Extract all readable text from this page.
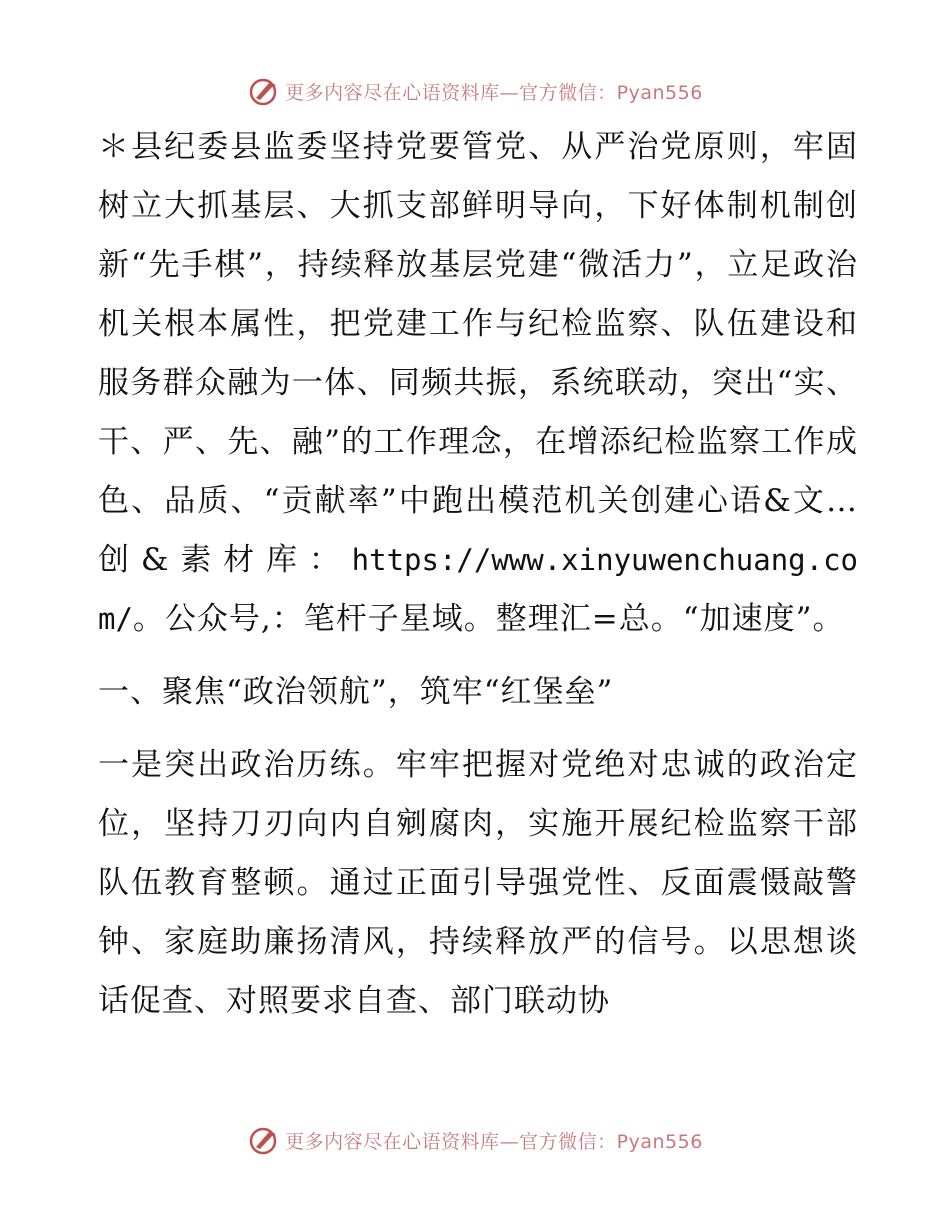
更多内容尽在心语资料库—官方微信：Pyan556

＊县纪委县监委坚持党要管党、从严治党原则，牢固树立大抓基层、大抓支部鲜明导向，下好体制机制创新“先手棋”，持续释放基层党建“微活力”，立足政治机关根本属性，把党建工作与纪检监察、队伍建设和服务群众融为一体、同频共振，系统联动，突出“实、干、严、先、融”的工作理念，在增添纪检监察工作成色、品质、“贡献率”中跑出模范机关创建心语&文…创&素材库：https://www.xinyuwenchuang.com/。公众号,：笔杆子星域。整理汇=总。“加速度”。

一、聚焦“政治领航”，筑牢“红堡垒”

一是突出政治历练。牢牢把握对党绝对忠诚的政治定位，坚持刀刃向内自剜腐肉，实施开展纪检监察干部队伍教育整顿。通过正面引导强党性、反面震慑敲警钟、家庭助廉扬清风，持续释放严的信号。以思想谈话促查、对照要求自查、部门联动协

更多内容尽在心语资料库—官方微信：Pyan556
